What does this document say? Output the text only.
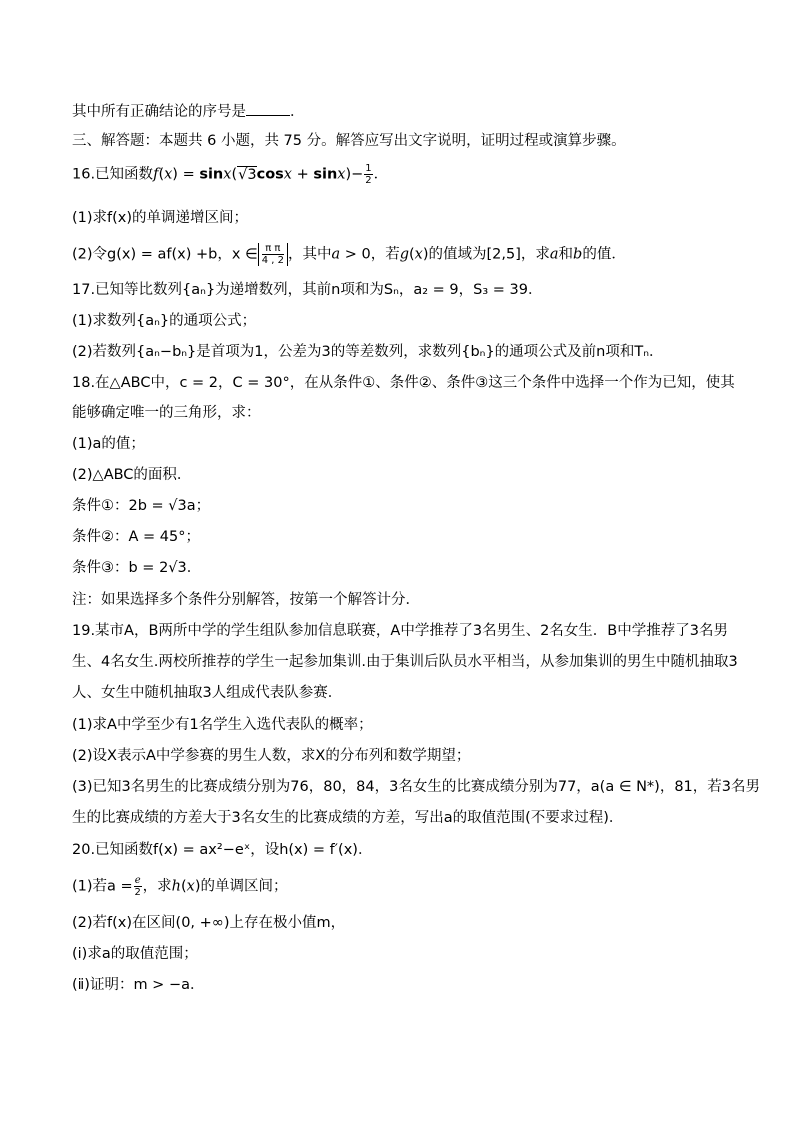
其中所有正确结论的序号是	．
三、解答题：本题共 6 小题，共 75 分。解答应写出文字说明，证明过程或演算步骤。
16.已知函数$f(x) = \sin x(√3\cos x + \sin x)- \frac{1}{2}$ ．
(1)求f(x)的单调递增区间；
(2)令g(x) = af(x) +b，x ∈ $\frac{\text{π π}}{4 , 2}$ ，其中a > 0，若g(x)的值域为[2,5]，求a和b的值．
17.已知等比数列{aₙ}为递增数列，其前n项和为Sₙ，a₂ = 9，S₃ = 39．
(1)求数列{aₙ}的通项公式；
(2)若数列{aₙ−bₙ}是首项为1，公差为3的等差数列，求数列{bₙ}的通项公式及前n项和Tₙ．
18.在△ABC中，c = 2，C = 30°，在从条件①、条件②、条件③这三个条件中选择一个作为已知，使其
能够确定唯一的三角形，求：
(1)a的值；
(2)△ABC的面积．
条件①：2b = √3a；
条件②：A = 45°；
条件③：b = 2√3．
注：如果选择多个条件分别解答，按第一个解答计分．
19.某市A，B两所中学的学生组队参加信息联赛，A中学推荐了3名男生、2名女生．B中学推荐了3名男
生、4名女生.两校所推荐的学生一起参加集训.由于集训后队员水平相当，从参加集训的男生中随机抽取3
人、女生中随机抽取3人组成代表队参赛．
(1)求A中学至少有1名学生入选代表队的概率；
(2)设X表示A中学参赛的男生人数，求X的分布列和数学期望；
(3)已知3名男生的比赛成绩分别为76，80，84，3名女生的比赛成绩分别为77，a(a ∈ N*)，81，若3名男
生的比赛成绩的方差大于3名女生的比赛成绩的方差，写出a的取值范围(不要求过程)．
20.已知函数f(x) = ax²−eˣ，设h(x) = f′(x)．
(1)若$a = \frac{e}{2}$ ，求h(x)的单调区间；
(2)若f(x)在区间(0, +∞)上存在极小值m，
(ⅰ)求a的取值范围；
(ⅱ)证明：m > −a．
